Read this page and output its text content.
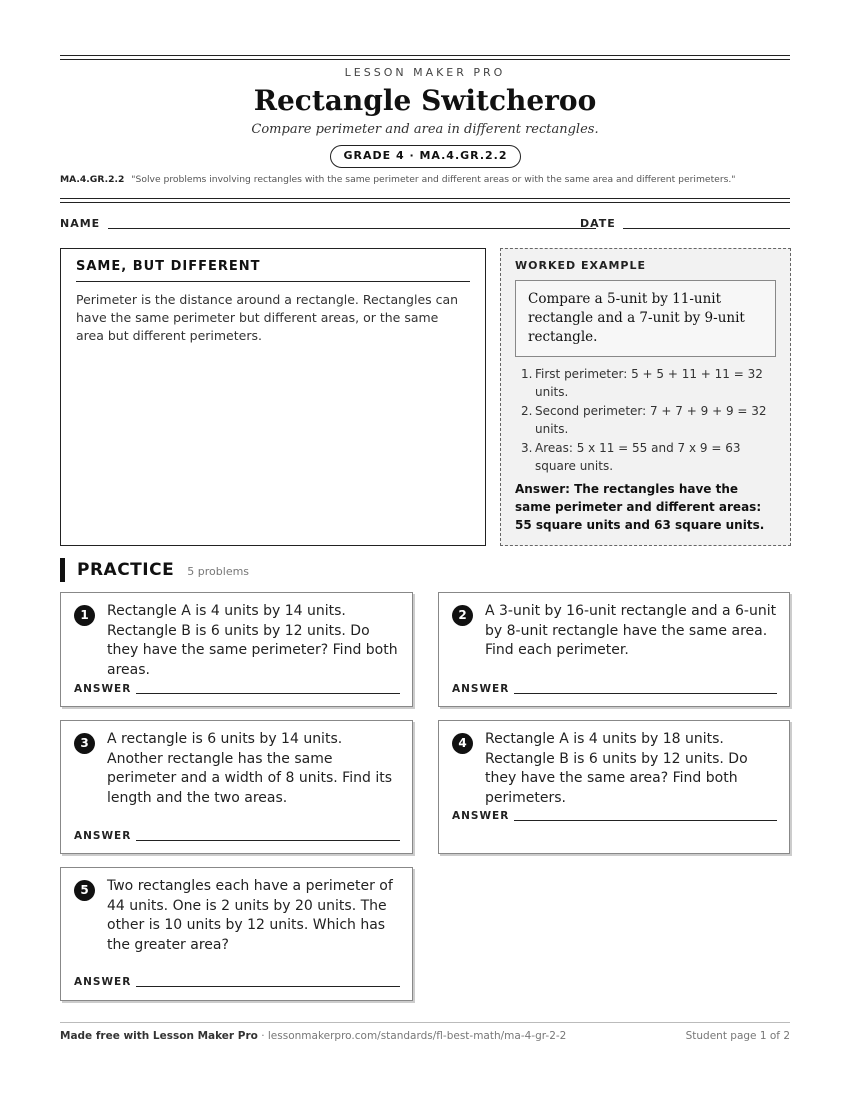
LESSON MAKER PRO
Rectangle Switcheroo
Compare perimeter and area in different rectangles.
GRADE 4 · MA.4.GR.2.2
MA.4.GR.2.2 "Solve problems involving rectangles with the same perimeter and different areas or with the same area and different perimeters."
NAME	DATE
SAME, BUT DIFFERENT

Perimeter is the distance around a rectangle. Rectangles can have the same perimeter but different areas, or the same area but different perimeters.

WORKED EXAMPLE
Compare a 5-unit by 11-unit rectangle and a 7-unit by 9-unit rectangle.
1. First perimeter: 5 + 5 + 11 + 11 = 32 units.
2. Second perimeter: 7 + 7 + 9 + 9 = 32 units.
3. Areas: 5 x 11 = 55 and 7 x 9 = 63 square units.
Answer: The rectangles have the same perimeter and different areas: 55 square units and 63 square units.
PRACTICE 5 problems
1	Rectangle A is 4 units by 14 units. Rectangle B is 6 units by 12 units. Do they have the same perimeter? Find both areas.
ANSWER
2	A 3-unit by 16-unit rectangle and a 6-unit by 8-unit rectangle have the same area. Find each perimeter.
ANSWER
3	A rectangle is 6 units by 14 units. Another rectangle has the same perimeter and a width of 8 units. Find its length and the two areas.
ANSWER
4	Rectangle A is 4 units by 18 units. Rectangle B is 6 units by 12 units. Do they have the same area? Find both perimeters.
ANSWER
5	Two rectangles each have a perimeter of 44 units. One is 2 units by 20 units. The other is 10 units by 12 units. Which has the greater area?
ANSWER
Made free with Lesson Maker Pro · lessonmakerpro.com/standards/fl-best-math/ma-4-gr-2-2	Student page 1 of 2
